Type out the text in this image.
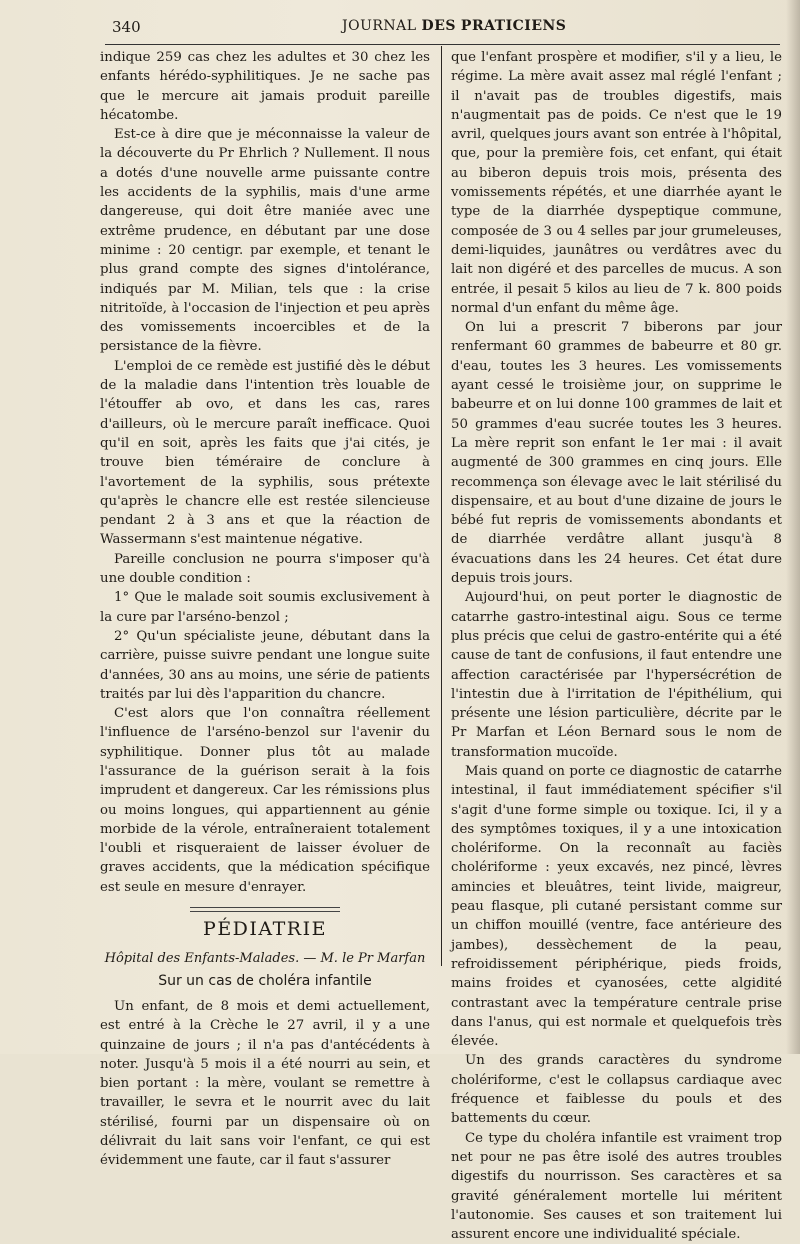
340	JOURNAL DES PRATICIENS

indique 259 cas chez les adultes et 30 chez les enfants hérédo-syphilitiques. Je ne sache pas que le mercure ait jamais produit pareille hécatombe.

Est-ce à dire que je méconnaisse la valeur de la découverte du Pr Ehrlich ? Nullement. Il nous a dotés d'une nouvelle arme puissante contre les accidents de la syphilis, mais d'une arme dangereuse, qui doit être maniée avec une extrême prudence, en débutant par une dose minime : 20 centigr. par exemple, et tenant le plus grand compte des signes d'intolérance, indiqués par M. Milian, tels que : la crise nitritoïde, à l'occasion de l'injection et peu après des vomissements incoercibles et de la persistance de la fièvre.

L'emploi de ce remède est justifié dès le début de la maladie dans l'intention très louable de l'étouffer ab ovo, et dans les cas, rares d'ailleurs, où le mercure paraît inefficace. Quoi qu'il en soit, après les faits que j'ai cités, je trouve bien téméraire de conclure à l'avortement de la syphilis, sous prétexte qu'après le chancre elle est restée silencieuse pendant 2 à 3 ans et que la réaction de Wassermann s'est maintenue négative.

Pareille conclusion ne pourra s'imposer qu'à une double condition :

1° Que le malade soit soumis exclusivement à la cure par l'arséno-benzol ;

2° Qu'un spécialiste jeune, débutant dans la carrière, puisse suivre pendant une longue suite d'années, 30 ans au moins, une série de patients traités par lui dès l'apparition du chancre.

C'est alors que l'on connaîtra réellement l'influence de l'arséno-benzol sur l'avenir du syphilitique. Donner plus tôt au malade l'assurance de la guérison serait à la fois imprudent et dangereux. Car les rémissions plus ou moins longues, qui appartiennent au génie morbide de la vérole, entraîneraient totalement l'oubli et risqueraient de laisser évoluer de graves accidents, que la médication spécifique est seule en mesure d'enrayer.

PÉDIATRIE
Hôpital des Enfants-Malades. — M. le Pr Marfan
Sur un cas de choléra infantile

Un enfant, de 8 mois et demi actuellement, est entré à la Crèche le 27 avril, il y a une quinzaine de jours ; il n'a pas d'antécédents à noter. Jusqu'à 5 mois il a été nourri au sein, et bien portant : la mère, voulant se remettre à travailler, le sevra et le nourrit avec du lait stérilisé, fourni par un dispensaire où on délivrait du lait sans voir l'enfant, ce qui est évidemment une faute, car il faut s'assurer

que l'enfant prospère et modifier, s'il y a lieu, le régime. La mère avait assez mal réglé l'enfant ; il n'avait pas de troubles digestifs, mais n'augmentait pas de poids. Ce n'est que le 19 avril, quelques jours avant son entrée à l'hôpital, que, pour la première fois, cet enfant, qui était au biberon depuis trois mois, présenta des vomissements répétés, et une diarrhée ayant le type de la diarrhée dyspeptique commune, composée de 3 ou 4 selles par jour grumeleuses, demi-liquides, jaunâtres ou verdâtres avec du lait non digéré et des parcelles de mucus. A son entrée, il pesait 5 kilos au lieu de 7 k. 800 poids normal d'un enfant du même âge.

On lui a prescrit 7 biberons par jour renfermant 60 grammes de babeurre et 80 gr. d'eau, toutes les 3 heures. Les vomissements ayant cessé le troisième jour, on supprime le babeurre et on lui donne 100 grammes de lait et 50 grammes d'eau sucrée toutes les 3 heures. La mère reprit son enfant le 1er mai : il avait augmenté de 300 grammes en cinq jours. Elle recommença son élevage avec le lait stérilisé du dispensaire, et au bout d'une dizaine de jours le bébé fut repris de vomissements abondants et de diarrhée verdâtre allant jusqu'à 8 évacuations dans les 24 heures. Cet état dure depuis trois jours.

Aujourd'hui, on peut porter le diagnostic de catarrhe gastro-intestinal aigu. Sous ce terme plus précis que celui de gastro-entérite qui a été cause de tant de confusions, il faut entendre une affection caractérisée par l'hypersécrétion de l'intestin due à l'irritation de l'épithélium, qui présente une lésion particulière, décrite par le Pr Marfan et Léon Bernard sous le nom de transformation mucoïde.

Mais quand on porte ce diagnostic de catarrhe intestinal, il faut immédiatement spécifier s'il s'agit d'une forme simple ou toxique. Ici, il y a des symptômes toxiques, il y a une intoxication cholériforme. On la reconnaît au faciès cholériforme : yeux excavés, nez pincé, lèvres amincies et bleuâtres, teint livide, maigreur, peau flasque, pli cutané persistant comme sur un chiffon mouillé (ventre, face antérieure des jambes), dessèchement de la peau, refroidissement périphérique, pieds froids, mains froides et cyanosées, cette algidité contrastant avec la température centrale prise dans l'anus, qui est normale et quelquefois très élevée.

Un des grands caractères du syndrome cholériforme, c'est le collapsus cardiaque avec fréquence et faiblesse du pouls et des battements du cœur.

Ce type du choléra infantile est vraiment trop net pour ne pas être isolé des autres troubles digestifs du nourrisson. Ses caractères et sa gravité généralement mortelle lui méritent l'autonomie. Ses causes et son traitement lui assurent encore une individualité spéciale.
